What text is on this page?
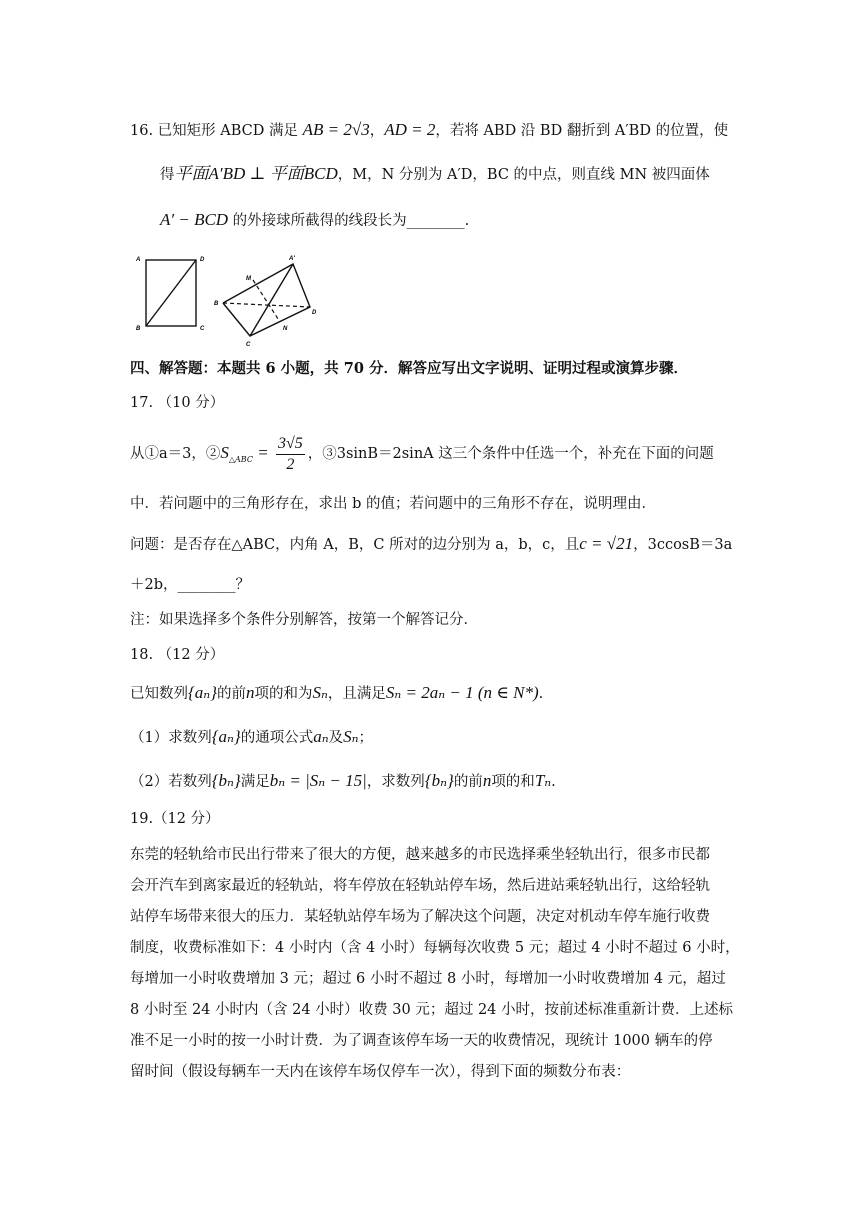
16. 已知矩形 ABCD 满足 AB = 2√3，AD = 2，若将 ABD 沿 BD 翻折到 A′BD 的位置，使
得平面A′BD ⊥ 平面BCD，M，N 分别为 A′D，BC 的中点，则直线 MN 被四面体
A′ − BCD 的外接球所截得的线段长为________.
A	D
B	C
A′
M
N
B
C
D
四、解答题：本题共 6 小题，共 70 分．解答应写出文字说明、证明过程或演算步骤．
17. （10 分）
从①a＝3，$②S_{\triangle ABC} = \frac{3√5}{2}$ ，③3sinB＝2sinA 这三个条件中任选一个，补充在下面的问题
中．若问题中的三角形存在，求出 b 的值；若问题中的三角形不存在，说明理由．
问题：是否存在△ABC，内角 A，B，C 所对的边分别为 a，b，c，且c = √21，3ccosB＝3a
＋2b，________？
注：如果选择多个条件分别解答，按第一个解答记分．
18. （12 分）
已知数列{aₙ}的前n项的和为Sₙ，且满足Sₙ = 2aₙ − 1 (n ∈ N*).
（1）求数列{aₙ}的通项公式aₙ及Sₙ；
（2）若数列{bₙ}满足bₙ = |Sₙ − 15|，求数列{bₙ}的前n项的和Tₙ.
19.（12 分）
东莞的轻轨给市民出行带来了很大的方便，越来越多的市民选择乘坐轻轨出行，很多市民都
会开汽车到离家最近的轻轨站，将车停放在轻轨站停车场，然后进站乘轻轨出行，这给轻轨
站停车场带来很大的压力．某轻轨站停车场为了解决这个问题，决定对机动车停车施行收费
制度，收费标准如下：4 小时内（含 4 小时）每辆每次收费 5 元；超过 4 小时不超过 6 小时，
每增加一小时收费增加 3 元；超过 6 小时不超过 8 小时，每增加一小时收费增加 4 元，超过
8 小时至 24 小时内（含 24 小时）收费 30 元；超过 24 小时，按前述标准重新计费．上述标
准不足一小时的按一小时计费．为了调查该停车场一天的收费情况，现统计 1000 辆车的停
留时间（假设每辆车一天内在该停车场仅停车一次），得到下面的频数分布表：
